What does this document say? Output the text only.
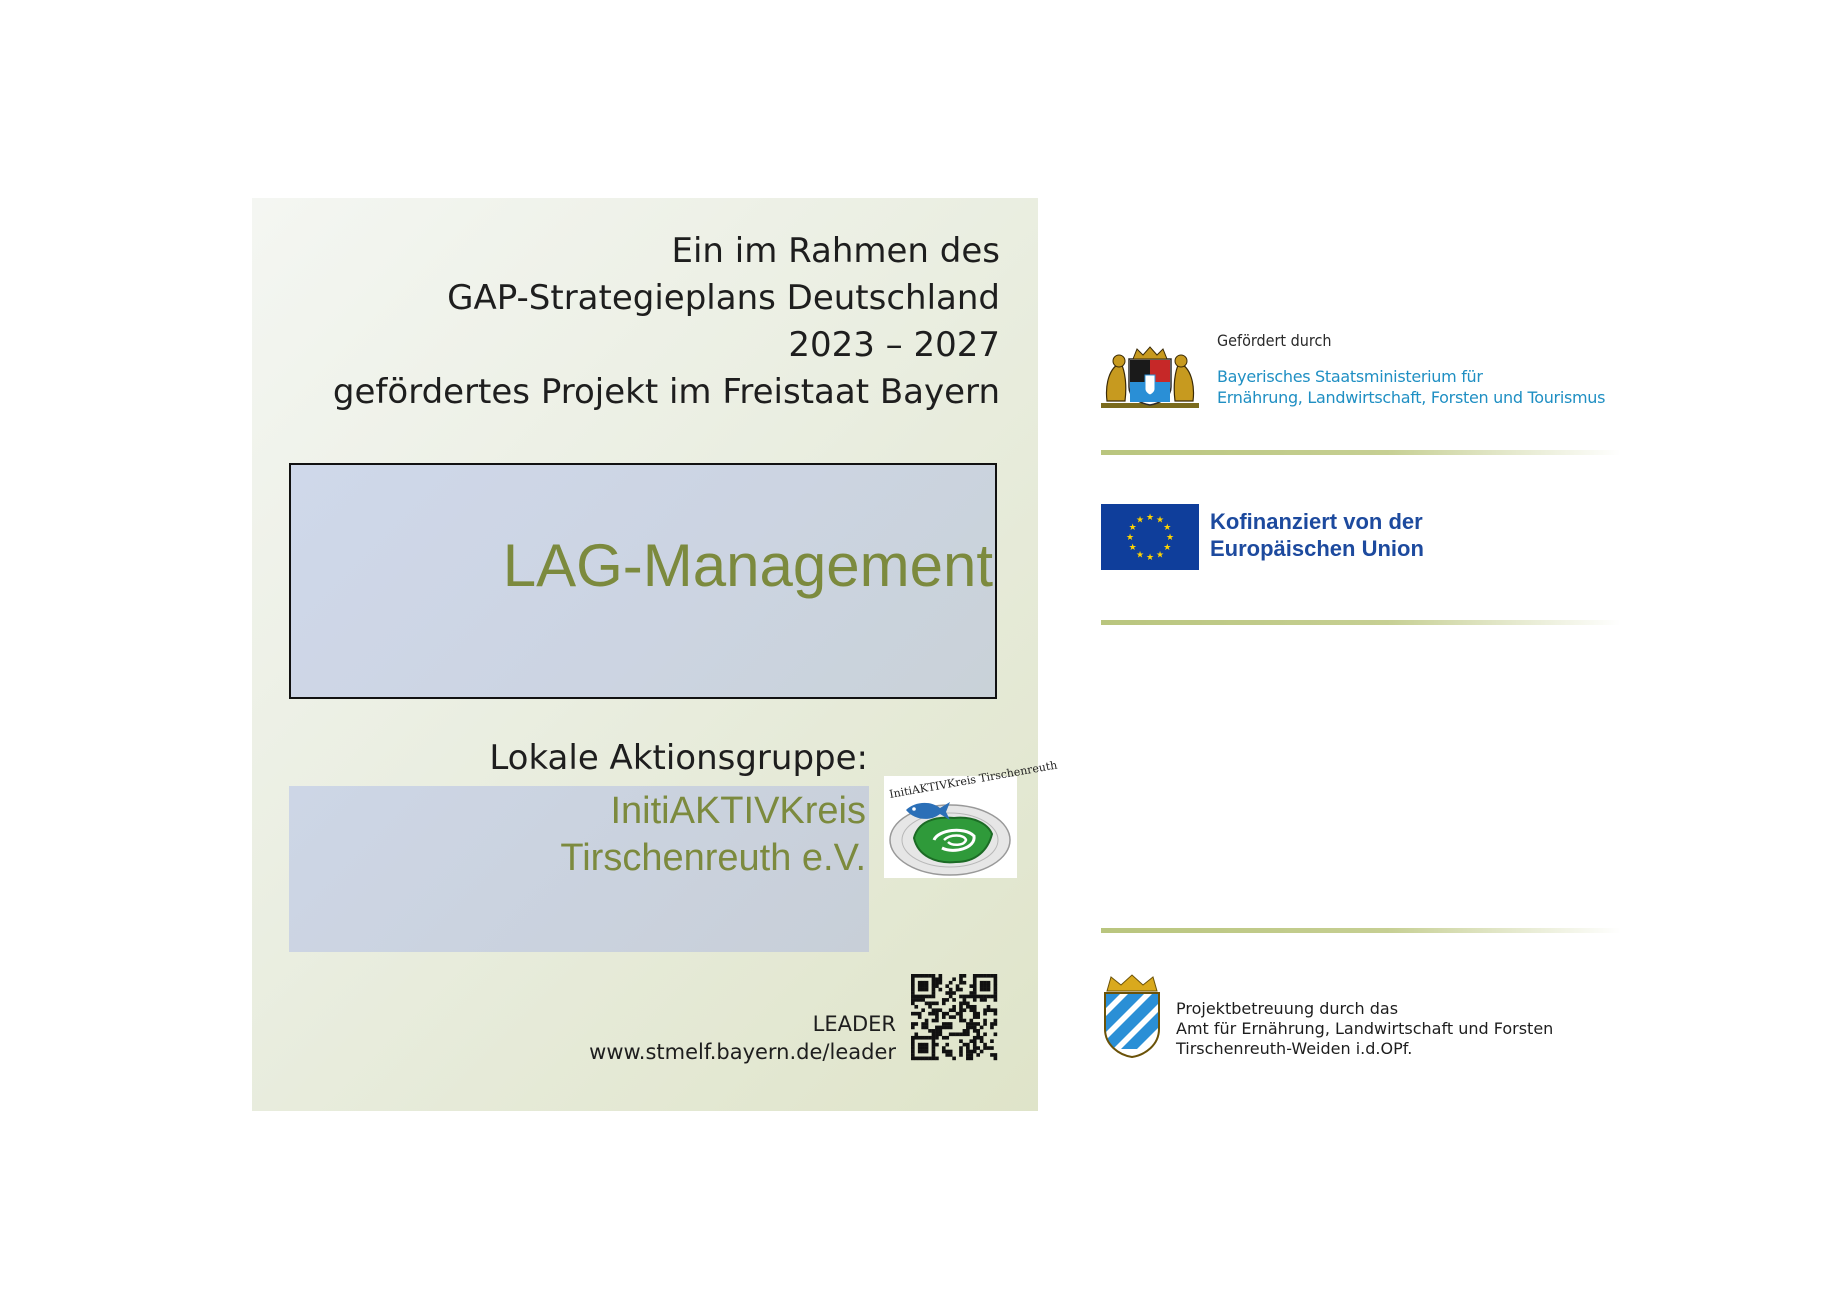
Ein im Rahmen des
GAP-Strategieplans Deutschland
2023 – 2027
gefördertes Projekt im Freistaat Bayern
LAG-Management
Lokale Aktionsgruppe:
InitiAKTIVKreis
Tirschenreuth e.V.
InitiAKTIVKreis Tirschenreuth
LEADER
www.stmelf.bayern.de/leader
Gefördert durch
Bayerisches Staatsministerium für
Ernährung, Landwirtschaft, Forsten und Tourismus
★ ★
★
★
★
★
★
★
★
★
★
★	Kofinanziert von der
Europäischen Union
Projektbetreuung durch das
Amt für Ernährung, Landwirtschaft und Forsten
Tirschenreuth-Weiden i.d.OPf.
